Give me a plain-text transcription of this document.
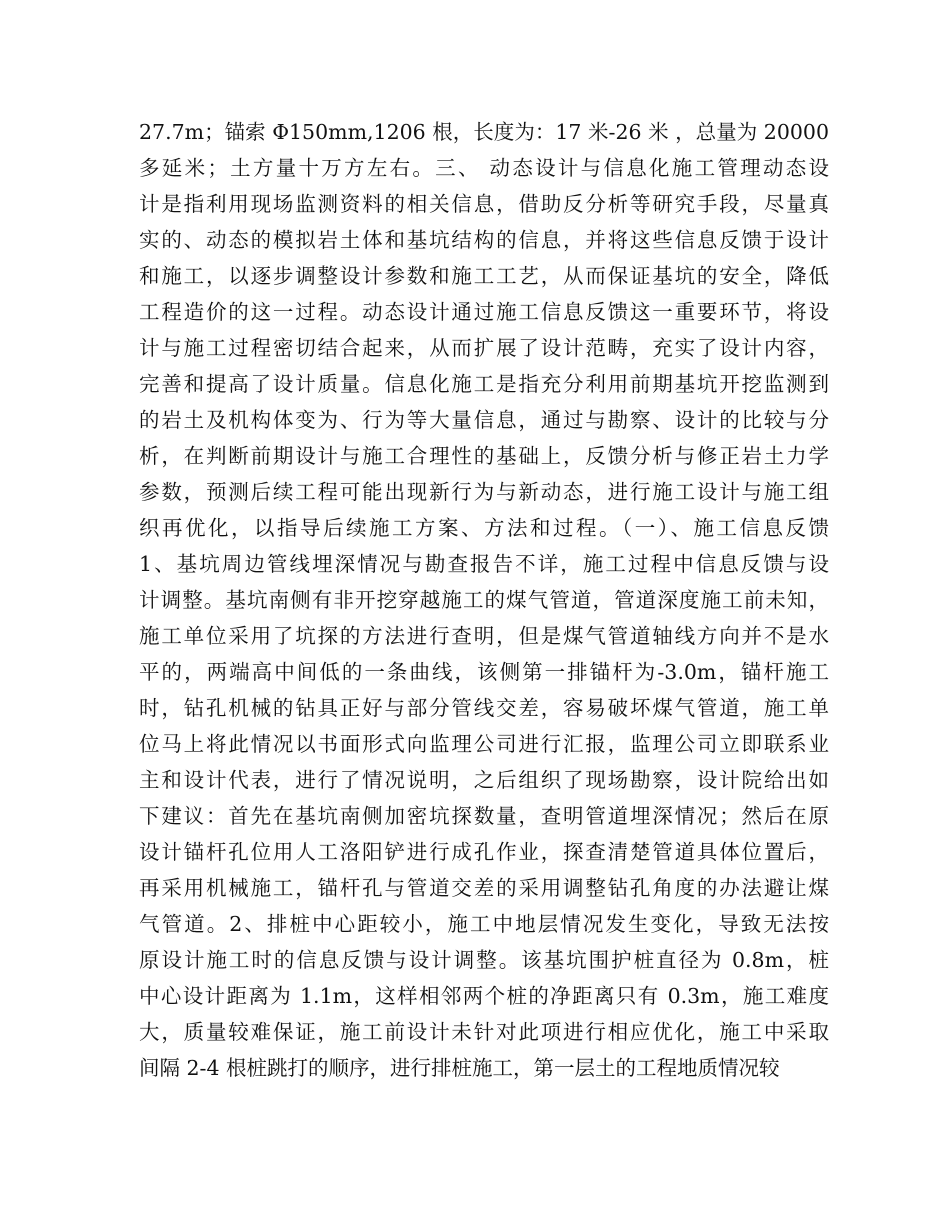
27.7m；锚索 Φ150mm,1206 根，长度为：17 米-26 米 ，总量为 20000
多延米；土方量十万方左右。三、 动态设计与信息化施工管理动态设
计是指利用现场监测资料的相关信息，借助反分析等研究手段，尽量真
实的、动态的模拟岩土体和基坑结构的信息，并将这些信息反馈于设计
和施工，以逐步调整设计参数和施工工艺，从而保证基坑的安全，降低
工程造价的这一过程。动态设计通过施工信息反馈这一重要环节，将设
计与施工过程密切结合起来，从而扩展了设计范畴，充实了设计内容，
完善和提高了设计质量。信息化施工是指充分利用前期基坑开挖监测到
的岩土及机构体变为、行为等大量信息，通过与勘察、设计的比较与分
析，在判断前期设计与施工合理性的基础上，反馈分析与修正岩土力学
参数，预测后续工程可能出现新行为与新动态，进行施工设计与施工组
织再优化，以指导后续施工方案、方法和过程。（一）、施工信息反馈
1、基坑周边管线埋深情况与勘查报告不详，施工过程中信息反馈与设
计调整。基坑南侧有非开挖穿越施工的煤气管道，管道深度施工前未知，
施工单位采用了坑探的方法进行查明，但是煤气管道轴线方向并不是水
平的，两端高中间低的一条曲线，该侧第一排锚杆为-3.0m，锚杆施工
时，钻孔机械的钻具正好与部分管线交差，容易破坏煤气管道，施工单
位马上将此情况以书面形式向监理公司进行汇报，监理公司立即联系业
主和设计代表，进行了情况说明，之后组织了现场勘察，设计院给出如
下建议：首先在基坑南侧加密坑探数量，查明管道埋深情况；然后在原
设计锚杆孔位用人工洛阳铲进行成孔作业，探查清楚管道具体位置后，
再采用机械施工，锚杆孔与管道交差的采用调整钻孔角度的办法避让煤
气管道。2、排桩中心距较小，施工中地层情况发生变化，导致无法按
原设计施工时的信息反馈与设计调整。该基坑围护桩直径为 0.8m，桩
中心设计距离为 1.1m，这样相邻两个桩的净距离只有 0.3m，施工难度
大，质量较难保证，施工前设计未针对此项进行相应优化，施工中采取
间隔 2-4 根桩跳打的顺序，进行排桩施工，第一层土的工程地质情况较
